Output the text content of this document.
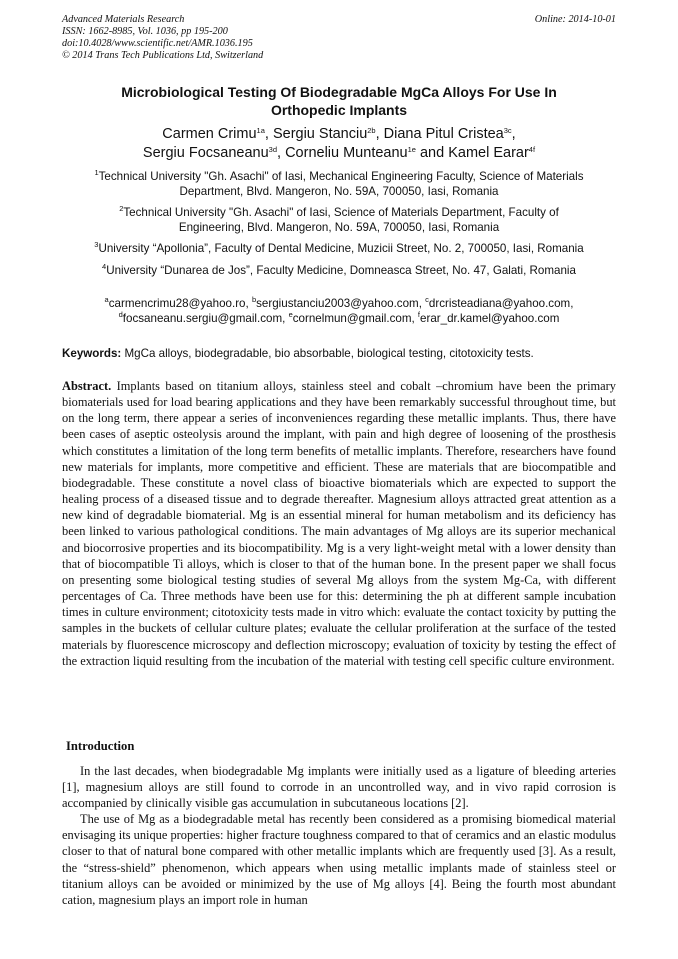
Advanced Materials Research
ISSN: 1662-8985, Vol. 1036, pp 195-200
doi:10.4028/www.scientific.net/AMR.1036.195
© 2014 Trans Tech Publications Ltd, Switzerland
Online: 2014-10-01
Microbiological Testing Of Biodegradable MgCa Alloys For Use In
Orthopedic Implants
Carmen Crimu$^{1a}$, Sergiu Stanciu$^{2b}$, Diana Pitul Cristea$^{3c}$,
Sergiu Focsaneanu$^{3d}$, Corneliu Munteanu$^{1e}$ and Kamel Earar$^{4f}$
$^1$Technical University "Gh. Asachi" of Iasi, Mechanical Engineering Faculty, Science of Materials
Department, Blvd. Mangeron, No. 59A, 700050, Iasi, Romania
$^2$Technical University "Gh. Asachi" of Iasi, Science of Materials Department, Faculty of
Engineering, Blvd. Mangeron, No. 59A, 700050, Iasi, Romania
$^3$University “Apollonia”, Faculty of Dental Medicine, Muzicii Street, No. 2, 700050, Iasi, Romania
$^4$University “Dunarea de Jos”, Faculty Medicine, Domneasca Street, No. 47, Galati, Romania
$^a$carmencrimu28@yahoo.ro, $^b$sergiustanciu2003@yahoo.com, $^c$drcristeadiana@yahoo.com,
$^d$focsaneanu.sergiu@gmail.com, $^e$cornelmun@gmail.com, $^f$erar_dr.kamel@yahoo.com
Keywords: MgCa alloys, biodegradable, bio absorbable, biological testing, citotoxicity tests.
Abstract. Implants based on titanium alloys, stainless steel and cobalt –chromium have been the primary biomaterials used for load bearing applications and they have been remarkably successful throughout time, but on the long term, there appear a series of inconveniences regarding these metallic implants. Thus, there have been cases of aseptic osteolysis around the implant, with pain and high degree of loosening of the prosthesis which constitutes a limitation of the long term benefits of metallic implants. Therefore, researchers have found new materials for implants, more competitive and efficient. These are materials that are biocompatible and biodegradable. These constitute a novel class of bioactive biomaterials which are expected to support the healing process of a diseased tissue and to degrade thereafter. Magnesium alloys attracted great attention as a new kind of degradable biomaterial. Mg is an essential mineral for human metabolism and its deficiency has been linked to various pathological conditions. The main advantages of Mg alloys are its superior mechanical and biocorrosive properties and its biocompatibility. Mg is a very light-weight metal with a lower density than that of biocompatible Ti alloys, which is closer to that of the human bone. In the present paper we shall focus on presenting some biological testing studies of several Mg alloys from the system Mg-Ca, with different percentages of Ca. Three methods have been use for this: determining the ph at different sample incubation times in culture environment; citotoxicity tests made in vitro which: evaluate the contact toxicity by putting the samples in the buckets of cellular culture plates; evaluate the cellular proliferation at the surface of the tested materials by fluorescence microscopy and deflection microscopy; evaluation of toxicity by testing the effect of the extraction liquid resulting from the incubation of the material with testing cell specific culture environment.
Introduction

In the last decades, when biodegradable Mg implants were initially used as a ligature of bleeding arteries [1], magnesium alloys are still found to corrode in an uncontrolled way, and in vivo rapid corrosion is accompanied by clinically visible gas accumulation in subcutaneous locations [2].

The use of Mg as a biodegradable metal has recently been considered as a promising biomedical material envisaging its unique properties: higher fracture toughness compared to that of ceramics and an elastic modulus closer to that of natural bone compared with other metallic implants which are frequently used [3]. As a result, the “stress-shield” phenomenon, which appears when using metallic implants made of stainless steel or titanium alloys can be avoided or minimized by the use of Mg alloys [4]. Being the fourth most abundant cation, magnesium plays an import role in human
